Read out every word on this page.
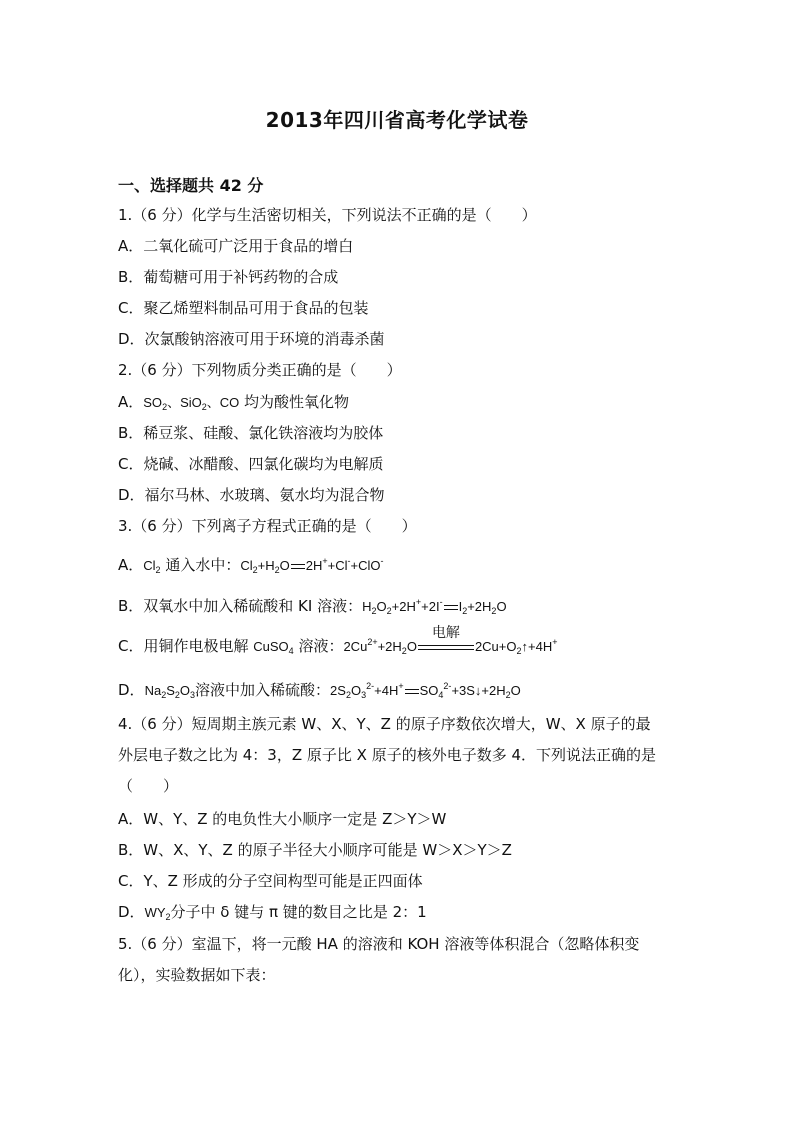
2013年四川省高考化学试卷
一、选择题共 42 分
1.（6 分）化学与生活密切相关，下列说法不正确的是（　　）
A．二氧化硫可广泛用于食品的增白
B．葡萄糖可用于补钙药物的合成
C．聚乙烯塑料制品可用于食品的包装
D．次氯酸钠溶液可用于环境的消毒杀菌
2.（6 分）下列物质分类正确的是（　　）
A．$SO_2$、SiO$_2$、CO 均为酸性氧化物
B．稀豆浆、硅酸、氯化铁溶液均为胶体
C．烧碱、冰醋酸、四氯化碳均为电解质
D．福尔马林、水玻璃、氨水均为混合物
3.（6 分）下列离子方程式正确的是（　　）
A．$Cl_2$ 通入水中：$Cl_2+H_2O$ 2H++Cl-+ClO-
B．双氧水中加入稀硫酸和 KI 溶液：$H_2O_2+2H^++2I^-$ $I_2+2H_2O$
C．用铜作电极电解 CuSO$_4$ 溶液：$2Cu^{2+}+2H_2O$
电解
$2Cu+O_2↑+4H^+$
D．$Na_2S_2O_3$溶液中加入稀硫酸：$2S_2O_3^{2-}+4H^+$ $SO_4^{2-}+3S↓+2H_2O$
4.（6 分）短周期主族元素 W、X、Y、Z 的原子序数依次增大，W、X 原子的最
外层电子数之比为 4：3，Z 原子比 X 原子的核外电子数多 4．下列说法正确的是
（　　）
A．W、Y、Z 的电负性大小顺序一定是 Z＞Y＞W
B．W、X、Y、Z 的原子半径大小顺序可能是 W＞X＞Y＞Z
C．Y、Z 形成的分子空间构型可能是正四面体
D．$WY_2$分子中 δ 键与 π 键的数目之比是 2：1
5.（6 分）室温下，将一元酸 HA 的溶液和 KOH 溶液等体积混合（忽略体积变
化），实验数据如下表：
